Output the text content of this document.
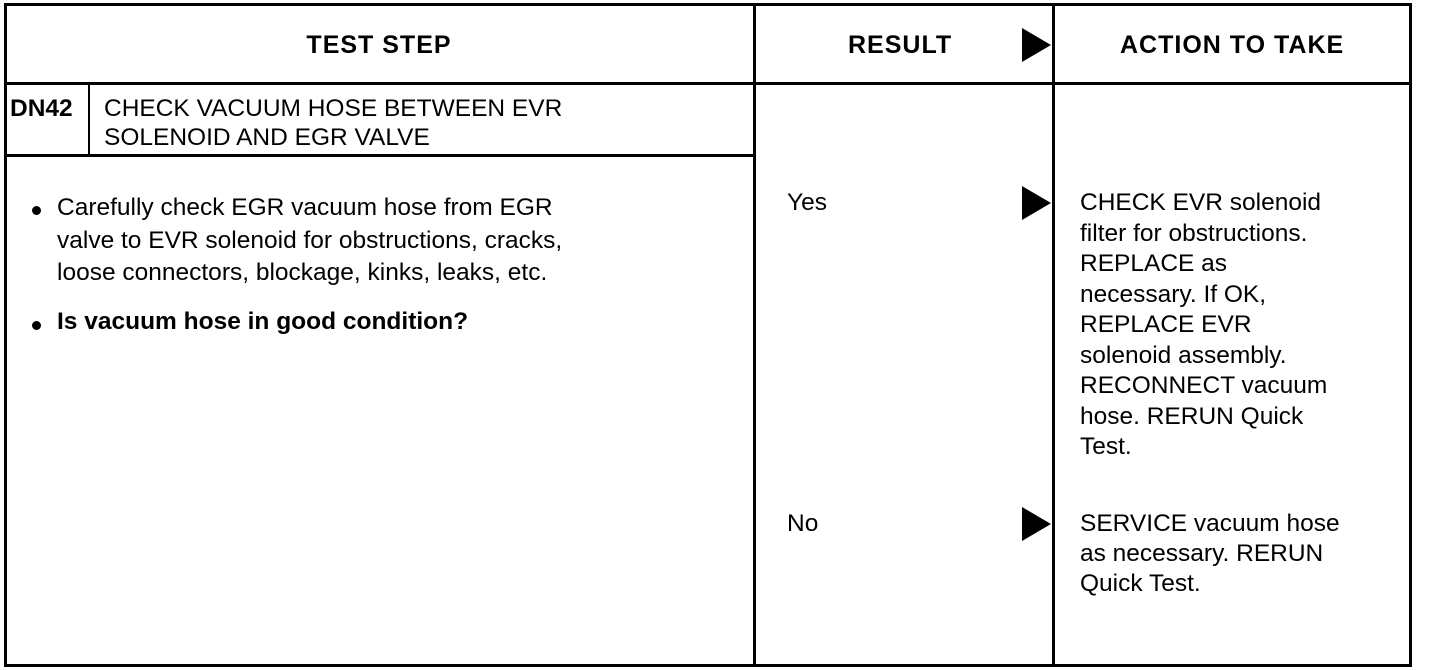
TEST STEP	RESULT	ACTION TO TAKE
DN42 CHECK VACUUM HOSE BETWEEN EVR
SOLENOID AND EGR VALVE
Carefully check EGR vacuum hose from EGR
valve to EVR solenoid for obstructions, cracks,
loose connectors, blockage, kinks, leaks, etc.
Is vacuum hose in good condition?
Yes	CHECK EVR solenoid
filter for obstructions.
REPLACE as
necessary. If OK,
REPLACE EVR
solenoid assembly.
RECONNECT vacuum
hose. RERUN Quick
Test.
No	SERVICE vacuum hose
as necessary. RERUN
Quick Test.
